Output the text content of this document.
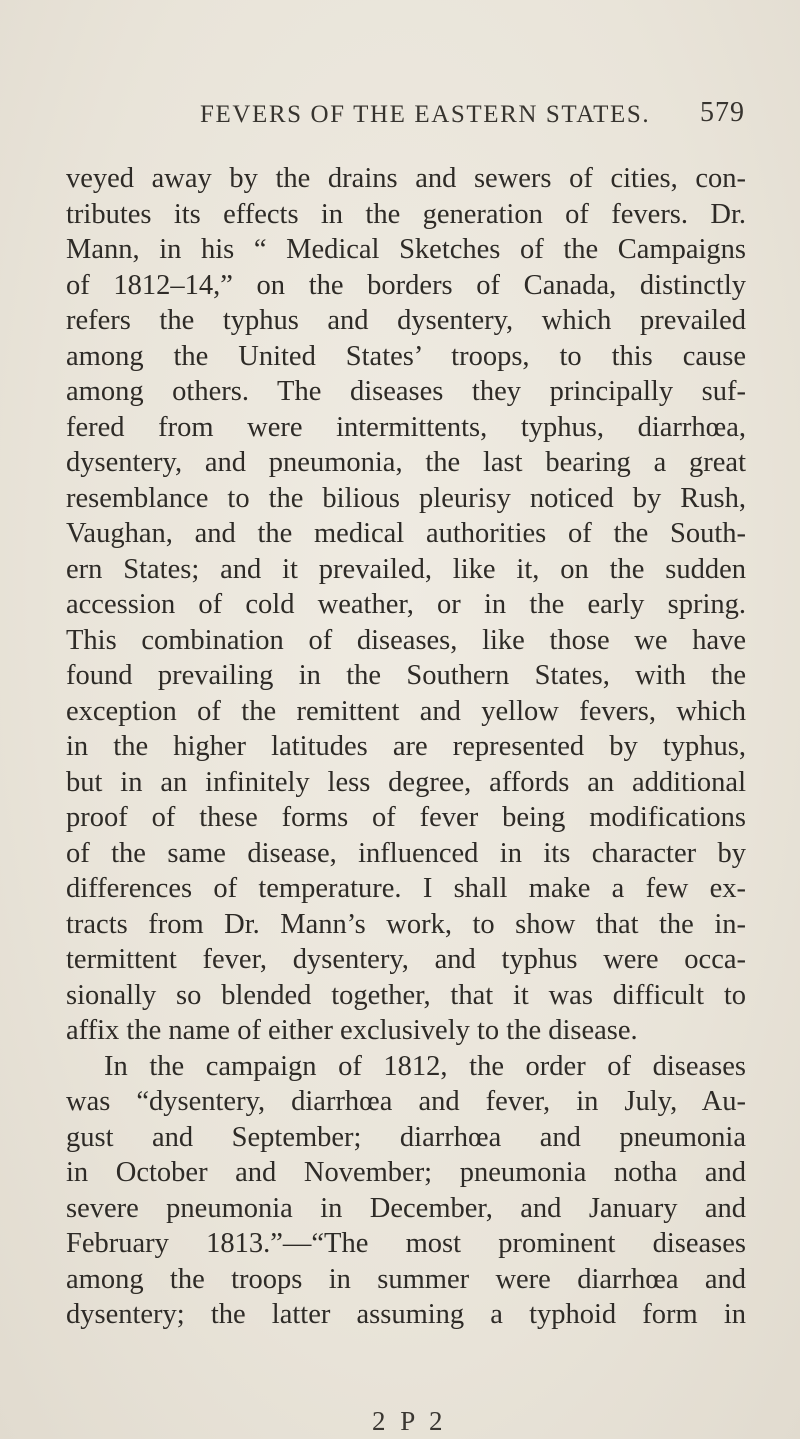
FEVERS OF THE EASTERN STATES. 579
veyed away by the drains and sewers of cities, con-
tributes its effects in the generation of fevers. Dr.
Mann, in his “ Medical Sketches of the Campaigns
of 1812–14,” on the borders of Canada, distinctly
refers the typhus and dysentery, which prevailed
among the United States’ troops, to this cause
among others. The diseases they principally suf-
fered from were intermittents, typhus, diarrhœa,
dysentery, and pneumonia, the last bearing a great
resemblance to the bilious pleurisy noticed by Rush,
Vaughan, and the medical authorities of the South-
ern States; and it prevailed, like it, on the sudden
accession of cold weather, or in the early spring.
This combination of diseases, like those we have
found prevailing in the Southern States, with the
exception of the remittent and yellow fevers, which
in the higher latitudes are represented by typhus,
but in an infinitely less degree, affords an additional
proof of these forms of fever being modifications
of the same disease, influenced in its character by
differences of temperature. I shall make a few ex-
tracts from Dr. Mann’s work, to show that the in-
termittent fever, dysentery, and typhus were occa-
sionally so blended together, that it was difficult to
affix the name of either exclusively to the disease.
In the campaign of 1812, the order of diseases
was “dysentery, diarrhœa and fever, in July, Au-
gust and September; diarrhœa and pneumonia
in October and November; pneumonia notha and
severe pneumonia in December, and January and
February 1813.”—“The most prominent diseases
among the troops in summer were diarrhœa and
dysentery; the latter assuming a typhoid form in
2 P 2
